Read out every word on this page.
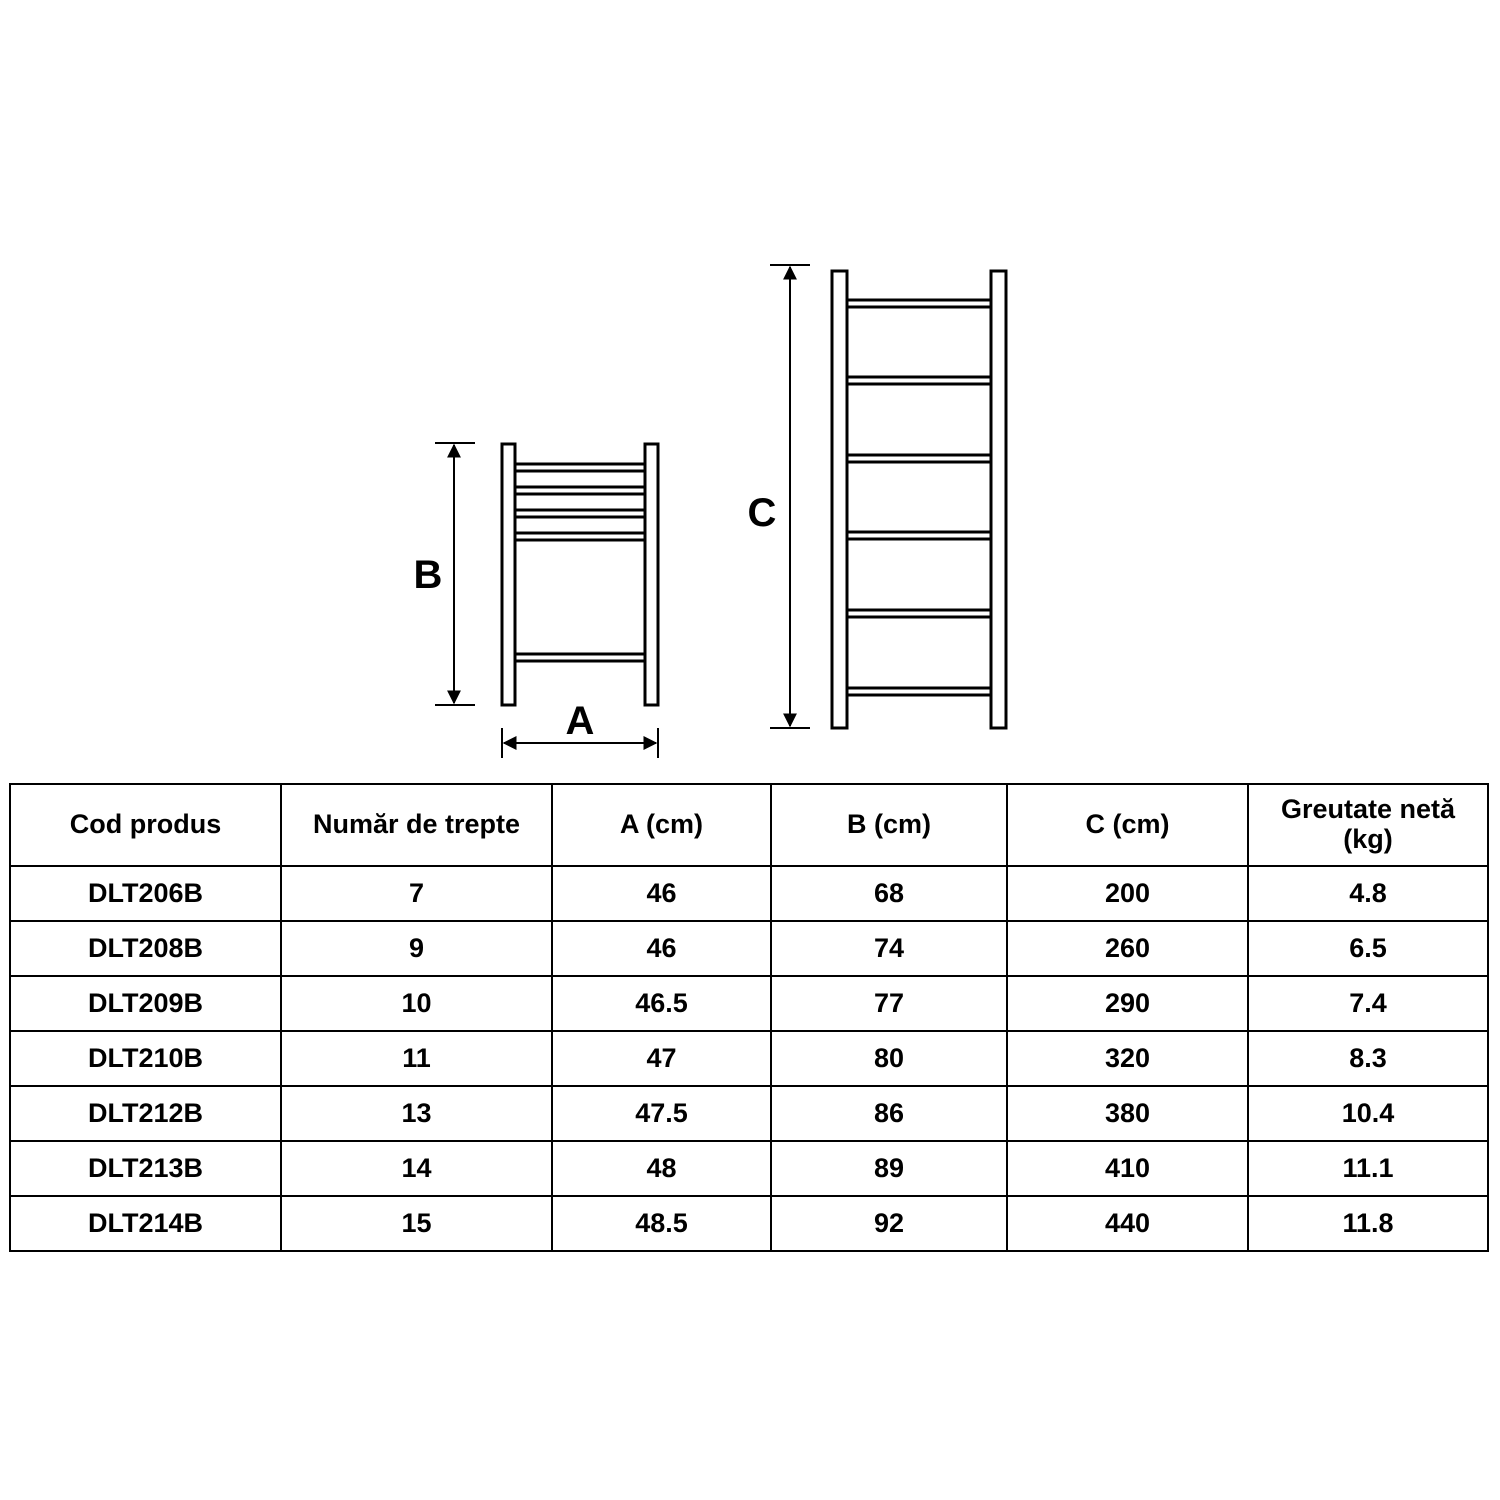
B
A
C
Cod produs	Număr de trepte	A (cm)	B (cm)	C (cm)	Greutate netă (kg)
DLT206B	7	46	68	200	4.8
DLT208B	9	46	74	260	6.5
DLT209B	10	46.5	77	290	7.4
DLT210B	11	47	80	320	8.3
DLT212B	13	47.5	86	380	10.4
DLT213B	14	48	89	410	11.1
DLT214B	15	48.5	92	440	11.8
